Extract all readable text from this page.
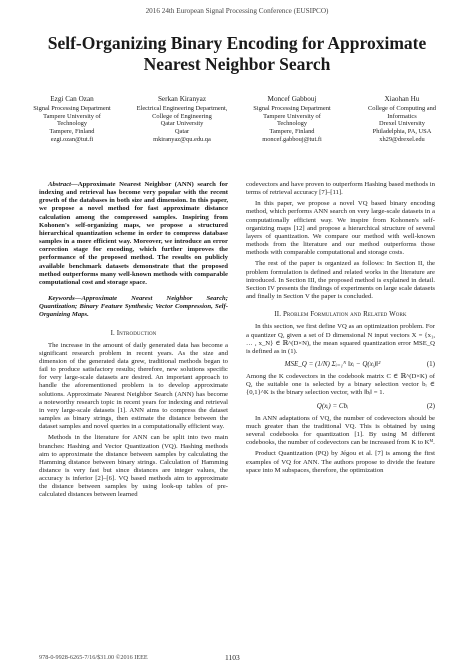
2016 24th European Signal Processing Conference (EUSIPCO)
Self-Organizing Binary Encoding for Approximate Nearest Neighbor Search
Ezgi Can Ozan
Signal Processing Department
Tampere University of
Technology
Tampere, Finland
ezgi.ozan@tut.fi
Serkan Kiranyaz
Electrical Engineering Department,
College of Engineering
Qatar University
Qatar
mkiranyaz@qu.edu.qa
Moncef Gabbouj
Signal Processing Department
Tampere University of
Technology
Tampere, Finland
moncef.gabbouj@tut.fi
Xiaohan Hu
College of Computing and
Informatics
Drexel University
Philadelphia, PA, USA
xh29@drexel.edu

Abstract—Approximate Nearest Neighbor (ANN) search for indexing and retrieval has become very popular with the recent growth of the databases in both size and dimension. In this paper, we propose a novel method for fast approximate distance calculation among the compressed samples. Inspiring from Kohonen's self-organizing maps, we propose a structured hierarchical quantization scheme in order to compress database samples in a more efficient way. Moreover, we introduce an error correction stage for encoding, which further improves the performance of the proposed method. The results on publicly available benchmark datasets demonstrate that the proposed method outperforms many well-known methods with comparable computational cost and storage space.

Keywords—Approximate Nearest Neighbor Search; Quantization; Binary Feature Synthesis; Vector Compression, Self-Organizing Maps.

I. Introduction

The increase in the amount of daily generated data has become a significant research problem in recent years. As the size and dimension of the generated data grew, traditional methods began to fail to produce satisfactory results; therefore, new solutions specific for very large-scale datasets are desired. An important approach to handle the aforementioned problem is to develop approximate solutions. Approximate Nearest Neighbor Search (ANN) has become a noteworthy research topic in recent years for indexing and retrieval in very large-scale datasets [1]. ANN aims to compress the dataset samples as binary strings, then estimate the distance between the dataset samples and novel queries in a computationally efficient way.

Methods in the literature for ANN can be split into two main branches: Hashing and Vector Quantization (VQ). Hashing methods aim to approximate the distance between samples by calculating the Hamming distance between binary strings. Calculation of Hamming distance is very fast but since distances are integer values, the accuracy is inferior [2]–[6]. VQ based methods aim to approximate the distance between samples by using look-up tables of pre-calculated distances between learned

codevectors and have proven to outperform Hashing based methods in terms of retrieval accuracy [7]–[11].

In this paper, we propose a novel VQ based binary encoding method, which performs ANN search on very large-scale datasets in a computationally efficient way. We inspire from Kohonen's self-organizing maps [12] and propose a hierarchical structure of several layers of quantization. We compare our method with well-known methods from the literature and our method outperforms those methods with comparable computational and storage costs.

The rest of the paper is organized as follows: In Section II, the problem formulation is defined and related works in the literature are introduced. In Section III, the proposed method is explained in detail. Section IV presents the findings of experiments on large scale datasets and finally in Section V the paper is concluded.

II. Problem Formulation and Related Work

In this section, we first define VQ as an optimization problem. For a quantizer Q, given a set of D dimensional N input vectors X = {x₁, … , x_N} ∈ ℝ^(D×N), the mean squared quantization error MSE_Q is defined as in (1).

MSE_Q = (1/N) Σᵢ₌₁ᴺ ‖xᵢ − Q(xᵢ)‖²	(1)

Among the K codevectors in the codebook matrix C ∈ ℝ^(D×K) of Q, the suitable one is selected by a binary selection vector bᵢ ∈ {0,1}^K is the binary selection vector, with ‖bᵢ‖ = 1.

Q(xᵢ) = Cbᵢ	(2)

In ANN adaptations of VQ, the number of codevectors should be much greater than the traditional VQ. This is obtained by using several codebooks for quantization [1]. By using M different codebooks, the number of codevectors can be increased from K to Kᴹ.

Product Quantization (PQ) by Jégou et al. [7] is among the first examples of VQ for ANN. The authors propose to divide the feature space into M subspaces, therefore, the optimization

978-0-9928-6265-7/16/$31.00 ©2016 IEEE	1103
